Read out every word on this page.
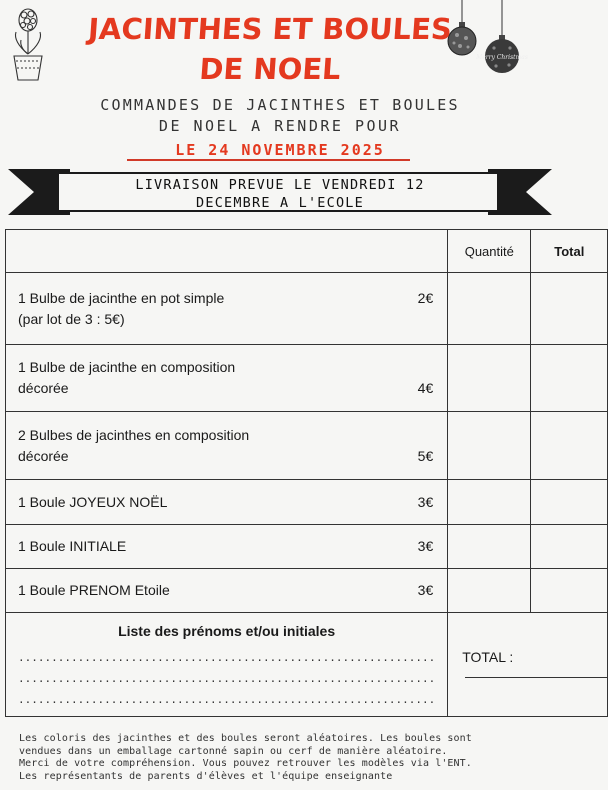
Merry Christmas
JACINTHES ET BOULES
DE NOEL
COMMANDES DE JACINTHES ET BOULES
DE NOEL A RENDRE POUR
LE 24 NOVEMBRE 2025
LIVRAISON PREVUE LE VENDREDI 12
DECEMBRE A L'ECOLE
	Quantité	Total

1 Bulbe de jacinthe en pot simple 2€
(par lot de 3 : 5€)		

1 Bulbe de jacinthe en composition
décorée 4€		

2 Bulbes de jacinthes en composition
décorée 5€		

1 Boule JOYEUX NOËL 3€		

1 Boule INITIALE 3€		

1 Boule PRENOM Etoile 3€		

Liste des prénoms et/ou initiales
...............................................................
...............................................................
...............................................................	TOTAL :	
Les coloris des jacinthes et des boules seront aléatoires. Les boules sont
vendues dans un emballage cartonné sapin ou cerf de manière aléatoire.
Merci de votre compréhension. Vous pouvez retrouver les modèles via l'ENT.
Les représentants de parents d'élèves et l'équipe enseignante
